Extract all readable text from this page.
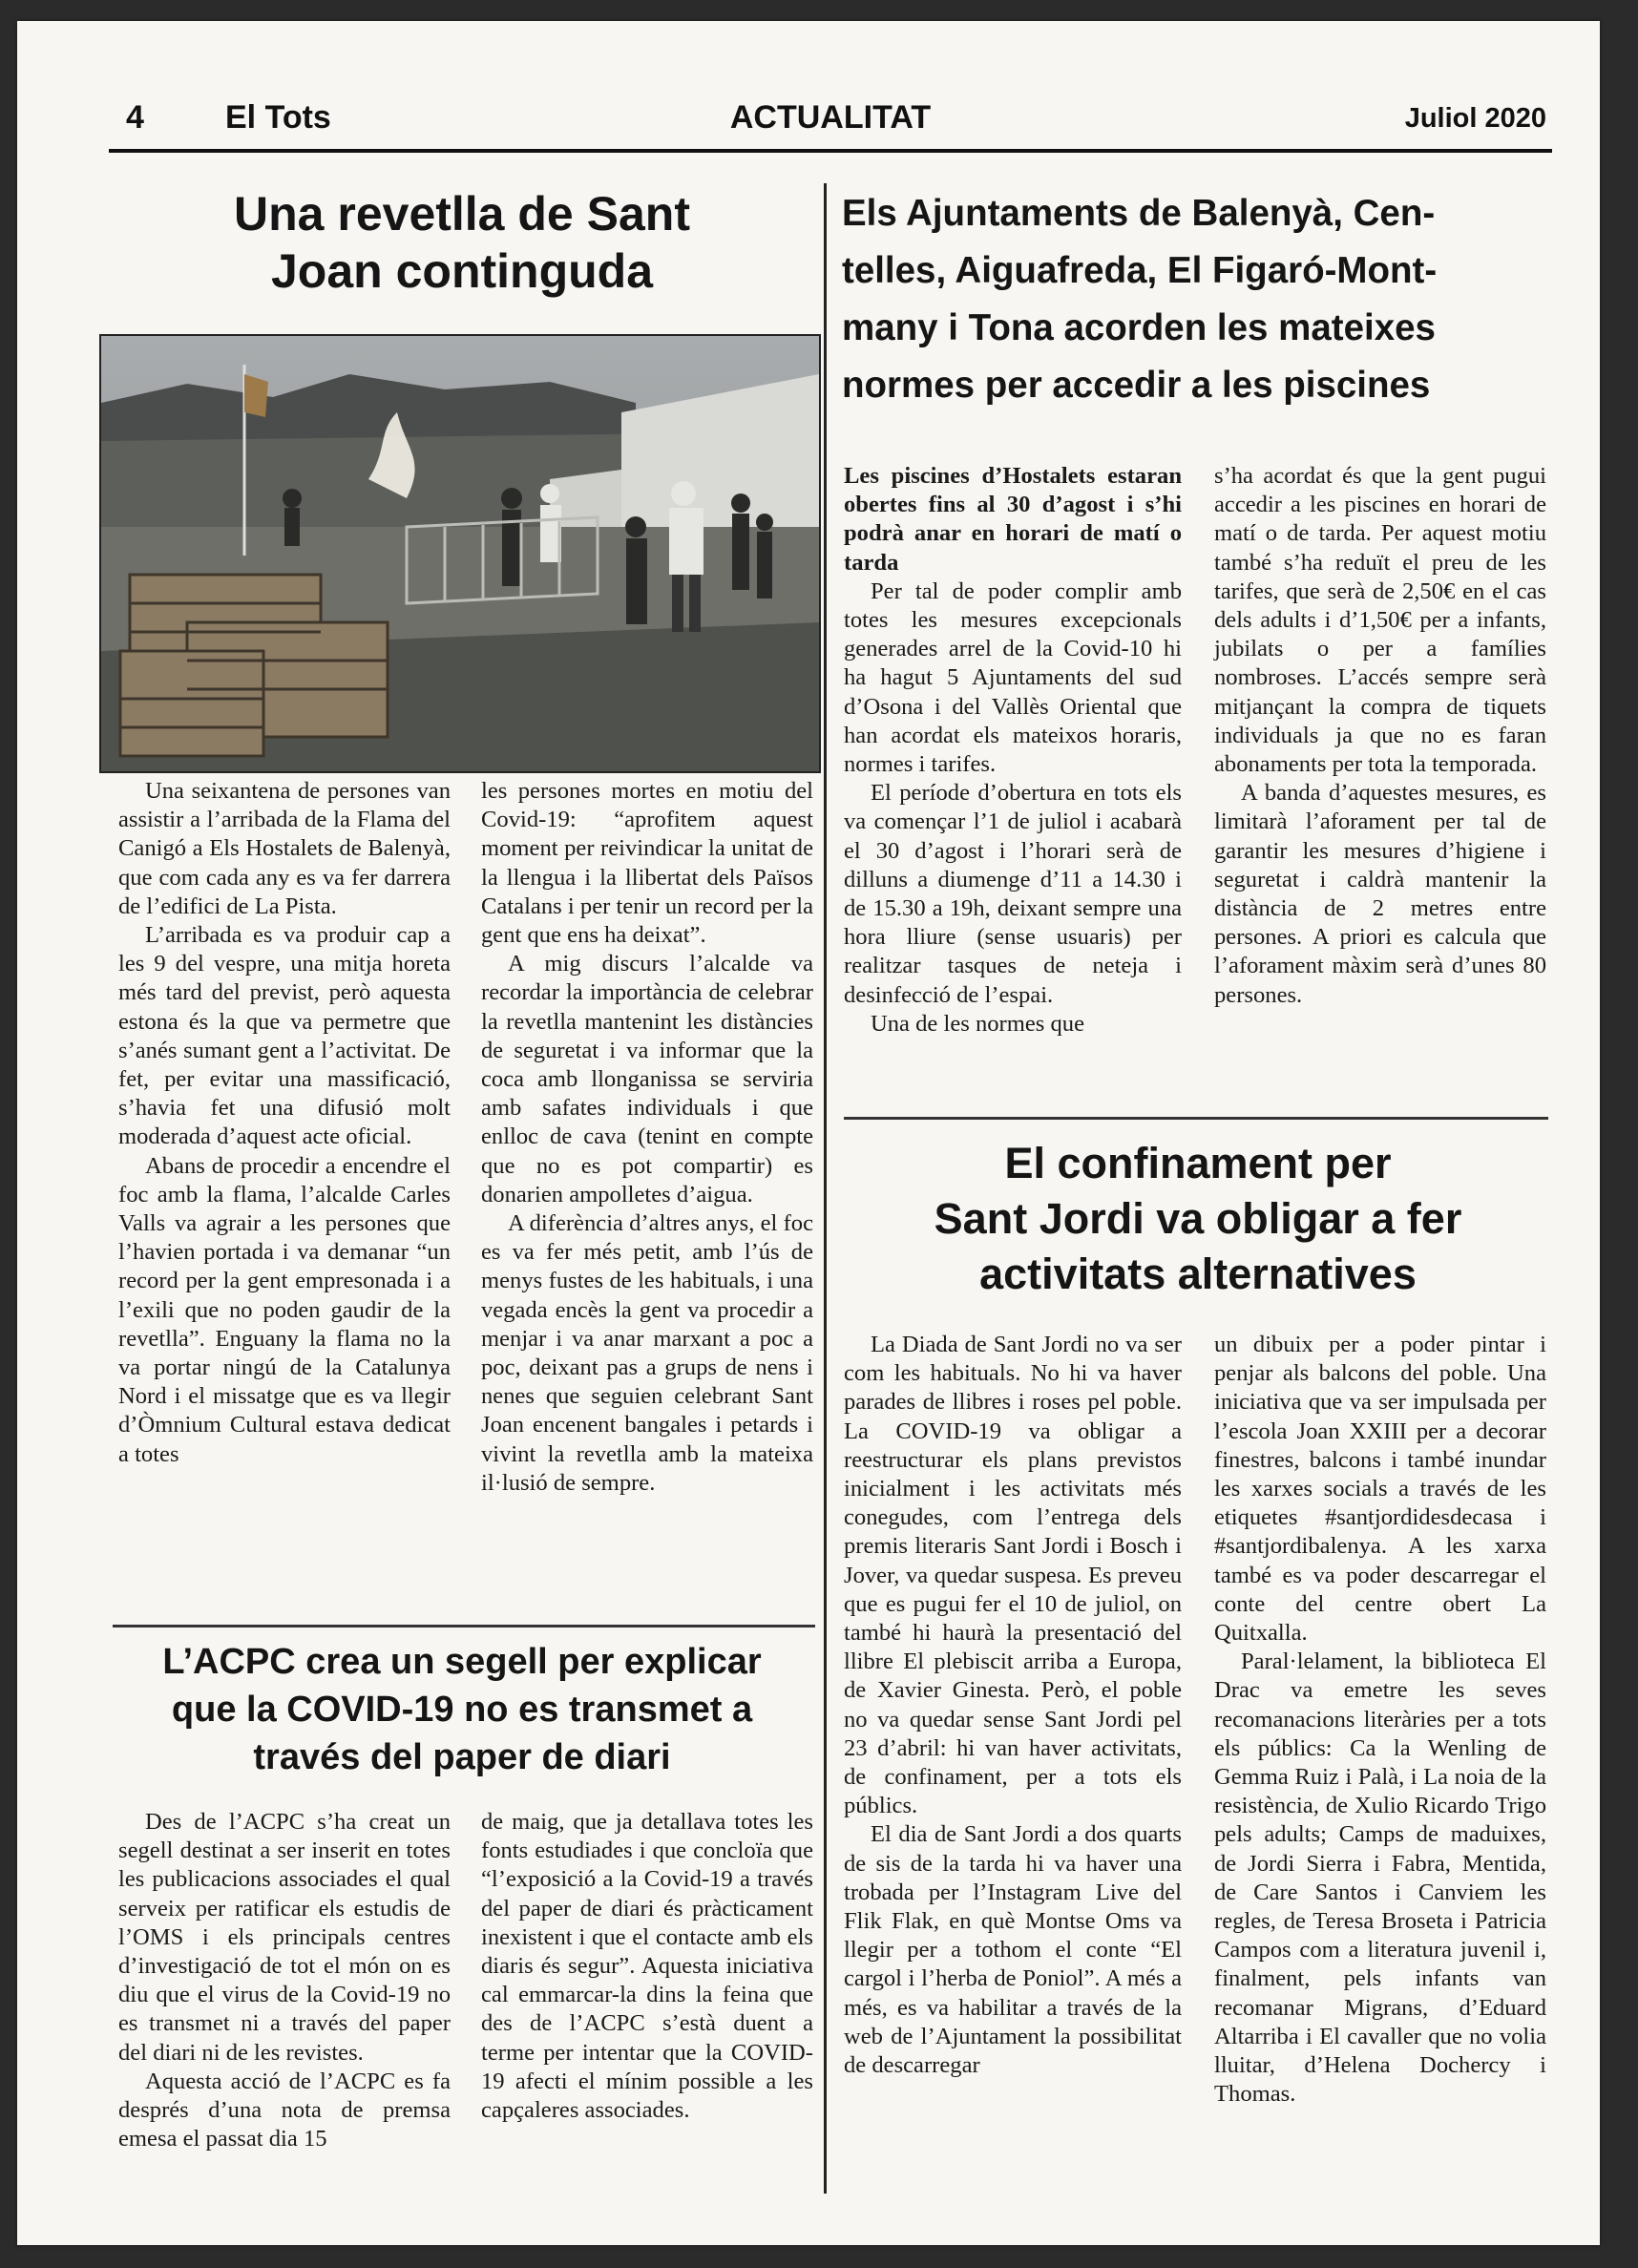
4	El Tots	ACTUALITAT	Juliol 2020
Una revetlla de Sant
Joan continguda

Una seixantena de persones van assistir a l’arribada de la Flama del Canigó a Els Hostalets de Balenyà, que com cada any es va fer darrera de l’edifici de La Pista.

L’arribada es va produir cap a les 9 del vespre, una mitja horeta més tard del previst, però aquesta estona és la que va permetre que s’anés sumant gent a l’activitat. De fet, per evitar una massificació, s’havia fet una difusió molt moderada d’aquest acte oficial.

Abans de procedir a encendre el foc amb la flama, l’alcalde Carles Valls va agrair a les persones que l’havien portada i va demanar “un record per la gent empresonada i a l’exili que no poden gaudir de la revetlla”. Enguany la flama no la va portar ningú de la Catalunya Nord i el missatge que es va llegir d’Òmnium Cultural estava dedicat a totes

les persones mortes en motiu del Covid-19: “aprofitem aquest moment per reivindicar la unitat de la llengua i la llibertat dels Països Catalans i per tenir un record per la gent que ens ha deixat”.

A mig discurs l’alcalde va recordar la importància de celebrar la revetlla mantenint les distàncies de seguretat i va informar que la coca amb llonganissa se serviria amb safates individuals i que enlloc de cava (tenint en compte que no es pot compartir) es donarien ampolletes d’aigua.

A diferència d’altres anys, el foc es va fer més petit, amb l’ús de menys fustes de les habituals, i una vegada encès la gent va procedir a menjar i va anar marxant a poc a poc, deixant pas a grups de nens i nenes que seguien celebrant Sant Joan encenent bangales i petards i vivint la revetlla amb la mateixa il·lusió de sempre.

L’ACPC crea un segell per explicar
que la COVID-19 no es transmet a
través del paper de diari

Des de l’ACPC s’ha creat un segell destinat a ser inserit en totes les publicacions associades el qual serveix per ratificar els estudis de l’OMS i els principals centres d’investigació de tot el món on es diu que el virus de la Covid-19 no es transmet ni a través del paper del diari ni de les revistes.

Aquesta acció de l’ACPC es fa després d’una nota de premsa emesa el passat dia 15

de maig, que ja detallava totes les fonts estudiades i que concloïa que “l’exposició a la Covid-19 a través del paper de diari és pràcticament inexistent i que el contacte amb els diaris és segur”. Aquesta iniciativa cal emmarcar-la dins la feina que des de l’ACPC s’està duent a terme per intentar que la COVID-19 afecti el mínim possible a les capçaleres associades.

Els Ajuntaments de Balenyà, Cen-
telles, Aiguafreda, El Figaró-Mont-
many i Tona acorden les mateixes
normes per accedir a les piscines

Les piscines d’Hostalets estaran obertes fins al 30 d’agost i s’hi podrà anar en horari de matí o tarda

Per tal de poder complir amb totes les mesures excepcionals generades arrel de la Covid-10 hi ha hagut 5 Ajuntaments del sud d’Osona i del Vallès Oriental que han acordat els mateixos horaris, normes i tarifes.

El període d’obertura en tots els va començar l’1 de juliol i acabarà el 30 d’agost i l’horari serà de dilluns a diumenge d’11 a 14.30 i de 15.30 a 19h, deixant sempre una hora lliure (sense usuaris) per realitzar tasques de neteja i desinfecció de l’espai.

Una de les normes que

s’ha acordat és que la gent pugui accedir a les piscines en horari de matí o de tarda. Per aquest motiu també s’ha reduït el preu de les tarifes, que serà de 2,50€ en el cas dels adults i d’1,50€ per a infants, jubilats o per a famílies nombroses. L’accés sempre serà mitjançant la compra de tiquets individuals ja que no es faran abonaments per tota la temporada.

A banda d’aquestes mesures, es limitarà l’aforament per tal de garantir les mesures d’higiene i seguretat i caldrà mantenir la distància de 2 metres entre persones. A priori es calcula que l’aforament màxim serà d’unes 80 persones.

El confinament per
Sant Jordi va obligar a fer
activitats alternatives

La Diada de Sant Jordi no va ser com les habituals. No hi va haver parades de llibres i roses pel poble. La COVID-19 va obligar a reestructurar els plans previstos inicialment i les activitats més conegudes, com l’entrega dels premis literaris Sant Jordi i Bosch i Jover, va quedar suspesa. Es preveu que es pugui fer el 10 de juliol, on també hi haurà la presentació del llibre El plebiscit arriba a Europa, de Xavier Ginesta. Però, el poble no va quedar sense Sant Jordi pel 23 d’abril: hi van haver activitats, de confinament, per a tots els públics.

El dia de Sant Jordi a dos quarts de sis de la tarda hi va haver una trobada per l’Instagram Live del Flik Flak, en què Montse Oms va llegir per a tothom el conte “El cargol i l’herba de Poniol”. A més a més, es va habilitar a través de la web de l’Ajuntament la possibilitat de descarregar

un dibuix per a poder pintar i penjar als balcons del poble. Una iniciativa que va ser impulsada per l’escola Joan XXIII per a decorar finestres, balcons i també inundar les xarxes socials a través de les etiquetes #santjordidesdecasa i #santjordibalenya. A les xarxa també es va poder descarregar el conte del centre obert La Quitxalla.

Paral·lelament, la biblioteca El Drac va emetre les seves recomanacions literàries per a tots els públics: Ca la Wenling de Gemma Ruiz i Palà, i La noia de la resistència, de Xulio Ricardo Trigo pels adults; Camps de maduixes, de Jordi Sierra i Fabra, Mentida, de Care Santos i Canviem les regles, de Teresa Broseta i Patricia Campos com a literatura juvenil i, finalment, pels infants van recomanar Migrans, d’Eduard Altarriba i El cavaller que no volia lluitar, d’Helena Dochercy i Thomas.
